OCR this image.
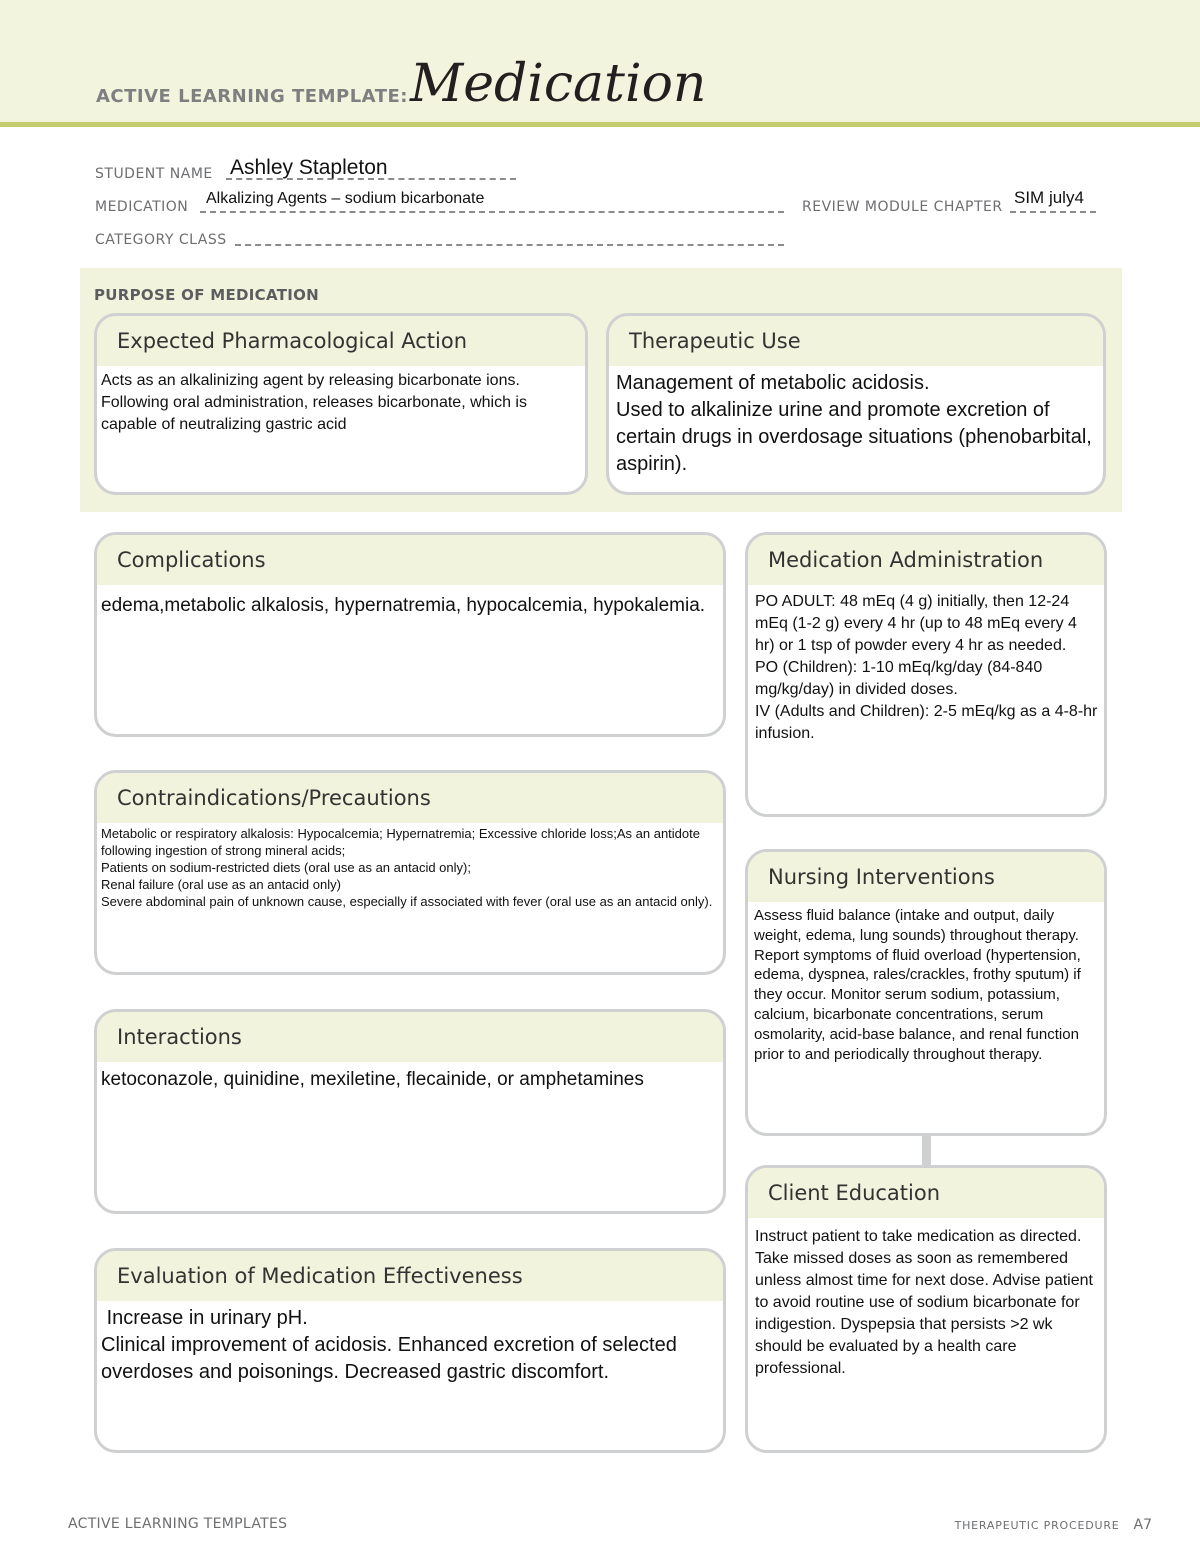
ACTIVE LEARNING TEMPLATE: Medication
STUDENT NAME Ashley Stapleton
MEDICATION Alkalizing Agents – sodium bicarbonate	REVIEW MODULE CHAPTER SIM july4
CATEGORY CLASS
PURPOSE OF MEDICATION
Expected Pharmacological Action
Acts as an alkalinizing agent by releasing bicarbonate ions.
Following oral administration, releases bicarbonate, which is capable of neutralizing gastric acid
Therapeutic Use
Management of metabolic acidosis.
Used to alkalinize urine and promote excretion of certain drugs in overdosage situations (phenobarbital, aspirin).
Complications
edema,metabolic alkalosis, hypernatremia, hypocalcemia, hypokalemia.
Contraindications/Precautions
Metabolic or respiratory alkalosis: Hypocalcemia; Hypernatremia; Excessive chloride loss;As an antidote following ingestion of strong mineral acids;
Patients on sodium-restricted diets (oral use as an antacid only);
Renal failure (oral use as an antacid only)
Severe abdominal pain of unknown cause, especially if associated with fever (oral use as an antacid only).
Interactions
ketoconazole, quinidine, mexiletine, flecainide, or amphetamines
Evaluation of Medication Effectiveness
Increase in urinary pH.
Clinical improvement of acidosis. Enhanced excretion of selected overdoses and poisonings. Decreased gastric discomfort.
Medication Administration
PO ADULT: 48 mEq (4 g) initially, then 12-24 mEq (1-2 g) every 4 hr (up to 48 mEq every 4 hr) or 1 tsp of powder every 4 hr as needed.
PO (Children): 1-10 mEq/kg/day (84-840 mg/kg/day) in divided doses.
IV (Adults and Children): 2-5 mEq/kg as a 4-8-hr infusion.
Nursing Interventions
Assess fluid balance (intake and output, daily weight, edema, lung sounds) throughout therapy. Report symptoms of fluid overload (hypertension, edema, dyspnea, rales/crackles, frothy sputum) if they occur. Monitor serum sodium, potassium, calcium, bicarbonate concentrations, serum osmolarity, acid-base balance, and renal function prior to and periodically throughout therapy.
Client Education
Instruct patient to take medication as directed. Take missed doses as soon as remembered unless almost time for next dose. Advise patient to avoid routine use of sodium bicarbonate for indigestion. Dyspepsia that persists >2 wk should be evaluated by a health care professional.
ACTIVE LEARNING TEMPLATES	THERAPEUTIC PROCEDURE A7
